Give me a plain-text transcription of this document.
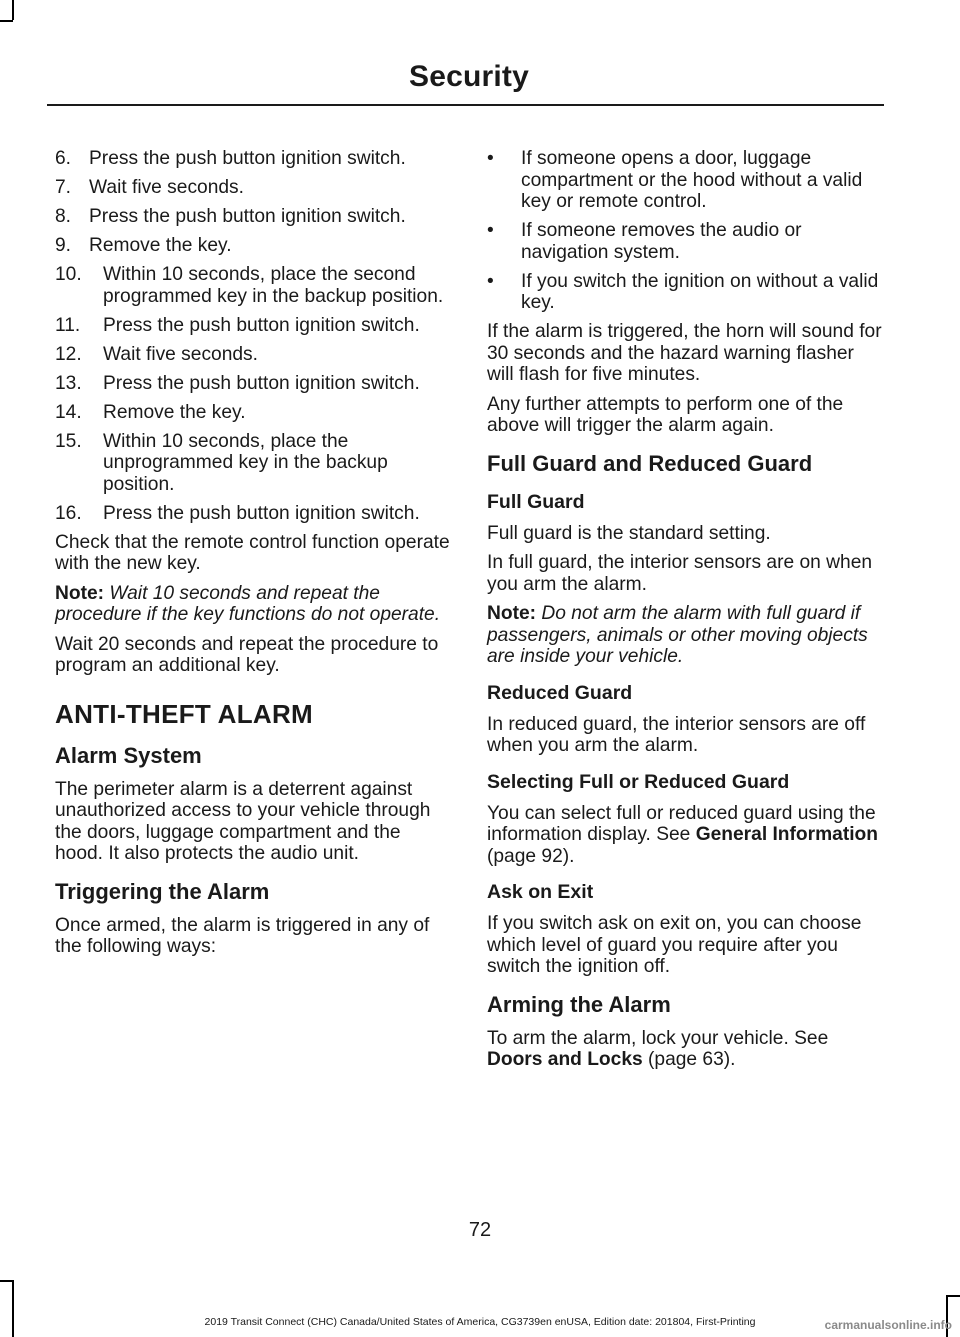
Security
6. Press the push button ignition switch.
7. Wait five seconds.
8. Press the push button ignition switch.
9. Remove the key.
10. Within 10 seconds, place the second programmed key in the backup position.
11. Press the push button ignition switch.
12. Wait five seconds.
13. Press the push button ignition switch.
14. Remove the key.
15. Within 10 seconds, place the unprogrammed key in the backup position.
16. Press the push button ignition switch.

Check that the remote control function operate with the new key.

Note: Wait 10 seconds and repeat the procedure if the key functions do not operate.

Wait 20 seconds and repeat the procedure to program an additional key.

ANTI-THEFT ALARM
Alarm System

The perimeter alarm is a deterrent against unauthorized access to your vehicle through the doors, luggage compartment and the hood. It also protects the audio unit.

Triggering the Alarm

Once armed, the alarm is triggered in any of the following ways:

• If someone opens a door, luggage compartment or the hood without a valid key or remote control.
• If someone removes the audio or navigation system.
• If you switch the ignition on without a valid key.

If the alarm is triggered, the horn will sound for 30 seconds and the hazard warning flasher will flash for five minutes.

Any further attempts to perform one of the above will trigger the alarm again.

Full Guard and Reduced Guard
Full Guard

Full guard is the standard setting.

In full guard, the interior sensors are on when you arm the alarm.

Note: Do not arm the alarm with full guard if passengers, animals or other moving objects are inside your vehicle.

Reduced Guard

In reduced guard, the interior sensors are off when you arm the alarm.

Selecting Full or Reduced Guard

You can select full or reduced guard using the information display. See General Information (page 92).

Ask on Exit

If you switch ask on exit on, you can choose which level of guard you require after you switch the ignition off.

Arming the Alarm

To arm the alarm, lock your vehicle. See Doors and Locks (page 63).

72
2019 Transit Connect (CHC) Canada/United States of America, CG3739en enUSA, Edition date: 201804, First-Printing	carmanualsonline.info
